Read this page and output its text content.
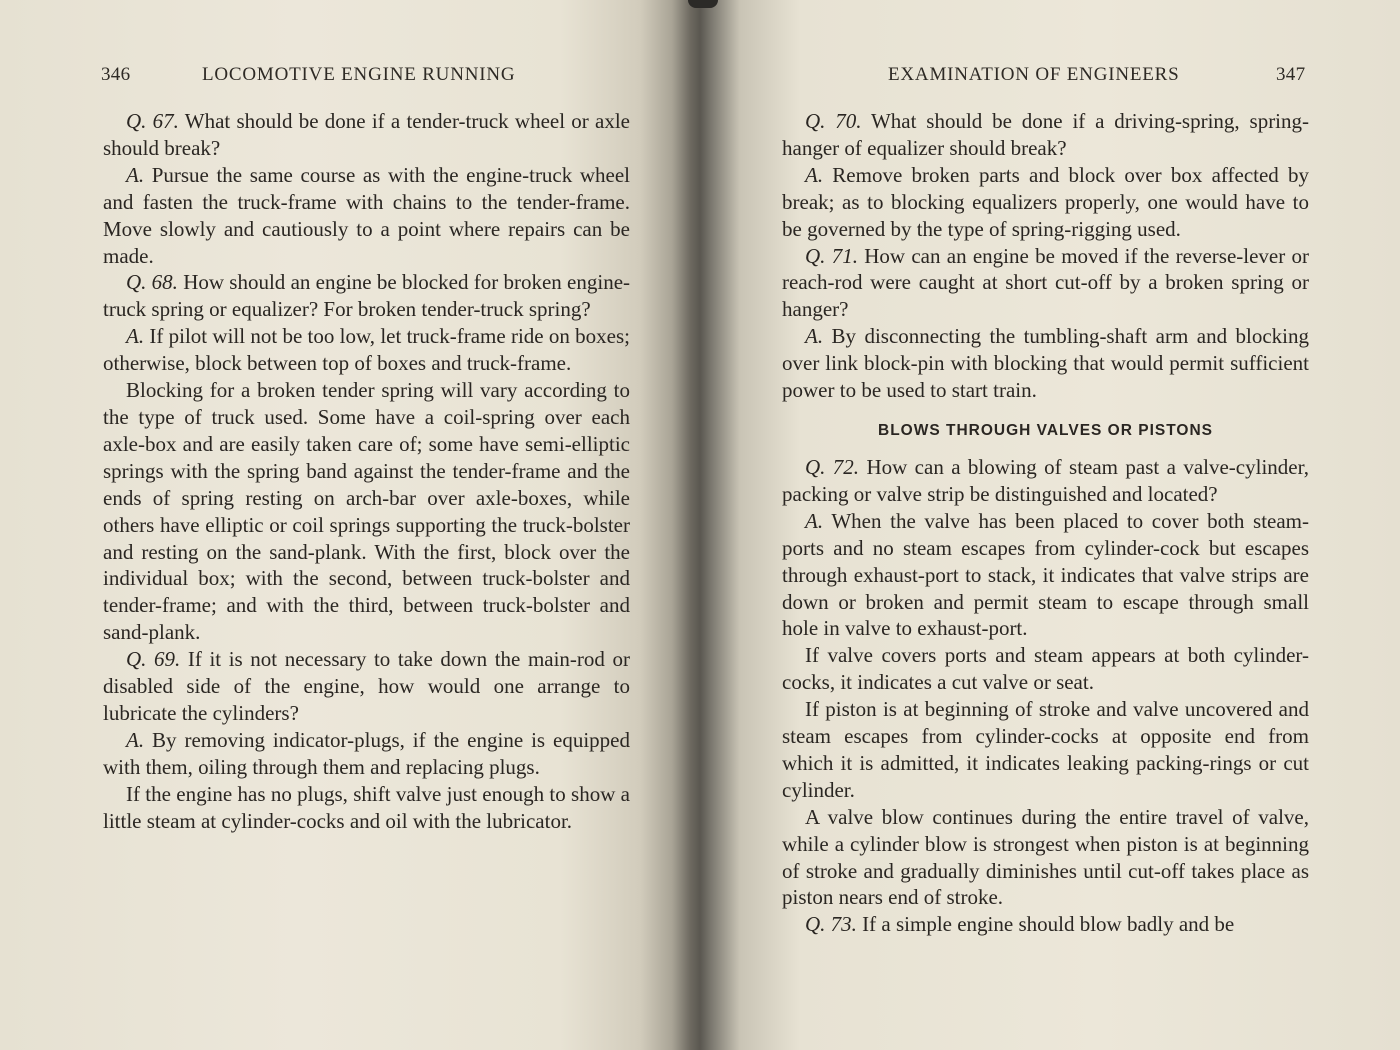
346	LOCOMOTIVE ENGINE RUNNING

Q. 67. What should be done if a tender-truck wheel or axle should break?

A. Pursue the same course as with the engine-truck wheel and fasten the truck-frame with chains to the tender-frame. Move slowly and cautiously to a point where repairs can be made.

Q. 68. How should an engine be blocked for broken engine-truck spring or equalizer? For broken tender-truck spring?

A. If pilot will not be too low, let truck-frame ride on boxes; otherwise, block between top of boxes and truck-frame.

Blocking for a broken tender spring will vary according to the type of truck used. Some have a coil-spring over each axle-box and are easily taken care of; some have semi-elliptic springs with the spring band against the tender-frame and the ends of spring resting on arch-bar over axle-boxes, while others have elliptic or coil springs supporting the truck-bolster and resting on the sand-plank. With the first, block over the individual box; with the second, between truck-bolster and tender-frame; and with the third, between truck-bolster and sand-plank.

Q. 69. If it is not necessary to take down the main-rod or disabled side of the engine, how would one arrange to lubricate the cylinders?

A. By removing indicator-plugs, if the engine is equipped with them, oiling through them and replacing plugs.

If the engine has no plugs, shift valve just enough to show a little steam at cylinder-cocks and oil with the lubricator.

EXAMINATION OF ENGINEERS	347

Q. 70. What should be done if a driving-spring, spring-hanger of equalizer should break?

A. Remove broken parts and block over box affected by break; as to blocking equalizers properly, one would have to be governed by the type of spring-rigging used.

Q. 71. How can an engine be moved if the reverse-lever or reach-rod were caught at short cut-off by a broken spring or hanger?

A. By disconnecting the tumbling-shaft arm and blocking over link block-pin with blocking that would permit sufficient power to be used to start train.

BLOWS THROUGH VALVES OR PISTONS

Q. 72. How can a blowing of steam past a valve-cylinder, packing or valve strip be distinguished and located?

A. When the valve has been placed to cover both steam-ports and no steam escapes from cylinder-cock but escapes through exhaust-port to stack, it indicates that valve strips are down or broken and permit steam to escape through small hole in valve to exhaust-port.

If valve covers ports and steam appears at both cylinder-cocks, it indicates a cut valve or seat.

If piston is at beginning of stroke and valve uncovered and steam escapes from cylinder-cocks at opposite end from which it is admitted, it indicates leaking packing-rings or cut cylinder.

A valve blow continues during the entire travel of valve, while a cylinder blow is strongest when piston is at beginning of stroke and gradually diminishes until cut-off takes place as piston nears end of stroke.

Q. 73. If a simple engine should blow badly and be
